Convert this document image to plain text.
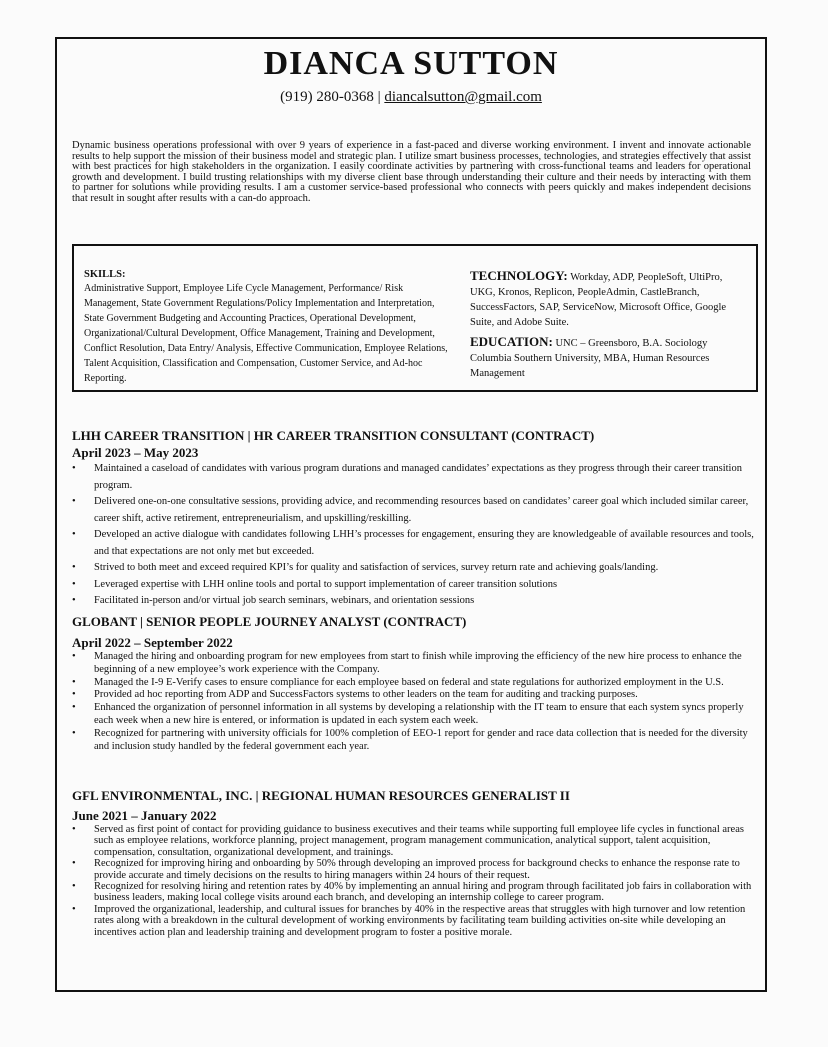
DIANCA SUTTON
(919) 280-0368 | diancalsutton@gmail.com
Dynamic business operations professional with over 9 years of experience in a fast-paced and diverse working environment. I invent and innovate actionable results to help support the mission of their business model and strategic plan. I utilize smart business processes, technologies, and strategies effectively that assist with best practices for high stakeholders in the organization. I easily coordinate activities by partnering with cross-functional teams and leaders for operational growth and development. I build trusting relationships with my diverse client base through understanding their culture and their needs by interacting with them to partner for solutions while providing results. I am a customer service-based professional who connects with peers quickly and makes independent decisions that result in sought after results with a can-do approach.
SKILLS:
Administrative Support, Employee Life Cycle Management, Performance/ Risk Management, State Government Regulations/Policy Implementation and Interpretation, State Government Budgeting and Accounting Practices, Operational Development, Organizational/Cultural Development, Office Management, Training and Development, Conflict Resolution, Data Entry/ Analysis, Effective Communication, Employee Relations, Talent Acquisition, Classification and Compensation, Customer Service, and Ad-hoc Reporting.
TECHNOLOGY: Workday, ADP, PeopleSoft, UltiPro, UKG, Kronos, Replicon, PeopleAdmin, CastleBranch, SuccessFactors, SAP, ServiceNow, Microsoft Office, Google Suite, and Adobe Suite.
EDUCATION: UNC – Greensboro, B.A. Sociology Columbia Southern University, MBA, Human Resources Management
LHH CAREER TRANSITION | HR CAREER TRANSITION CONSULTANT (CONTRACT)
April 2023 – May 2023
• Maintained a caseload of candidates with various program durations and managed candidates’ expectations as they progress through their career transition program.
• Delivered one-on-one consultative sessions, providing advice, and recommending resources based on candidates’ career goal which included similar career, career shift, active retirement, entrepreneurialism, and upskilling/reskilling.
• Developed an active dialogue with candidates following LHH’s processes for engagement, ensuring they are knowledgeable of available resources and tools, and that expectations are not only met but exceeded.
• Strived to both meet and exceed required KPI’s for quality and satisfaction of services, survey return rate and achieving goals/landing.
• Leveraged expertise with LHH online tools and portal to support implementation of career transition solutions
• Facilitated in-person and/or virtual job search seminars, webinars, and orientation sessions
GLOBANT | SENIOR PEOPLE JOURNEY ANALYST (CONTRACT)
April 2022 – September 2022
• Managed the hiring and onboarding program for new employees from start to finish while improving the efficiency of the new hire process to enhance the beginning of a new employee’s work experience with the Company.
• Managed the I-9 E-Verify cases to ensure compliance for each employee based on federal and state regulations for authorized employment in the U.S.
• Provided ad hoc reporting from ADP and SuccessFactors systems to other leaders on the team for auditing and tracking purposes.
• Enhanced the organization of personnel information in all systems by developing a relationship with the IT team to ensure that each system syncs properly each week when a new hire is entered, or information is updated in each system each week.
• Recognized for partnering with university officials for 100% completion of EEO-1 report for gender and race data collection that is needed for the diversity and inclusion study handled by the federal government each year.
GFL ENVIRONMENTAL, INC. | REGIONAL HUMAN RESOURCES GENERALIST II
June 2021 – January 2022
• Served as first point of contact for providing guidance to business executives and their teams while supporting full employee life cycles in functional areas such as employee relations, workforce planning, project management, program management communication, analytical support, talent acquisition, compensation, consultation, organizational development, and trainings.
• Recognized for improving hiring and onboarding by 50% through developing an improved process for background checks to enhance the response rate to provide accurate and timely decisions on the results to hiring managers within 24 hours of their request.
• Recognized for resolving hiring and retention rates by 40% by implementing an annual hiring and program through facilitated job fairs in collaboration with business leaders, making local college visits around each branch, and developing an internship college to career program.
• Improved the organizational, leadership, and cultural issues for branches by 40% in the respective areas that struggles with high turnover and low retention rates along with a breakdown in the cultural development of working environments by facilitating team building activities on-site while developing an incentives action plan and leadership training and development program to foster a positive morale.
